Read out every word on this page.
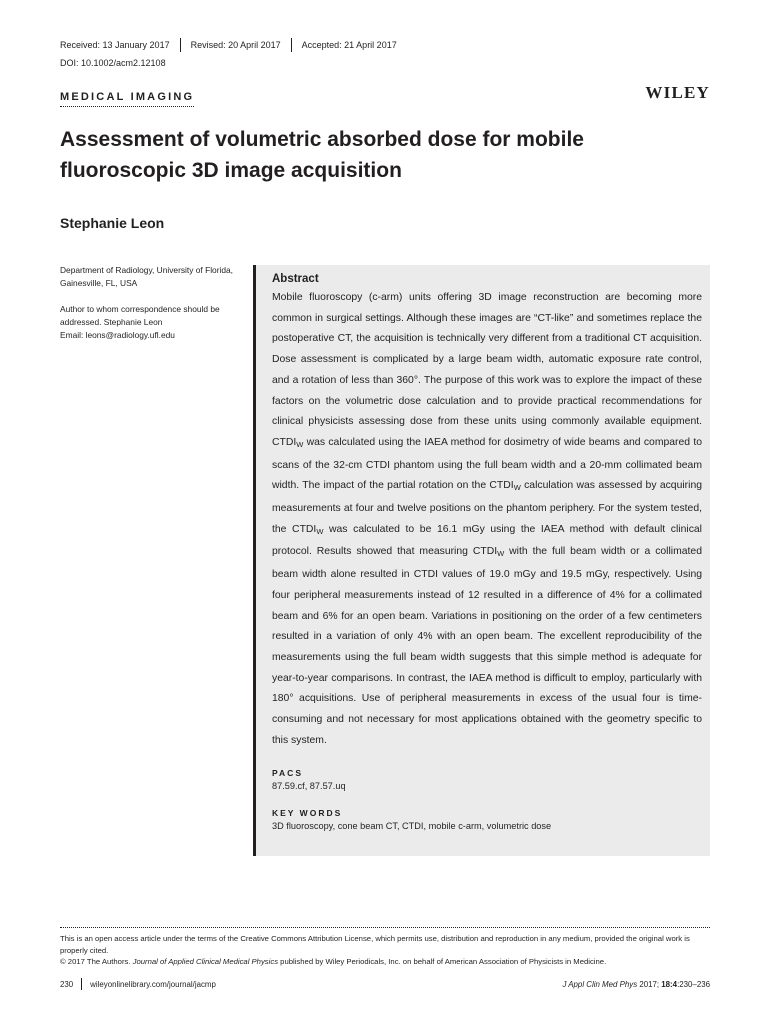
Received: 13 January 2017 Revised: 20 April 2017 Accepted: 21 April 2017
DOI: 10.1002/acm2.12108
MEDICAL IMAGING	WILEY
Assessment of volumetric absorbed dose for mobile fluoroscopic 3D image acquisition
Stephanie Leon

Department of Radiology, University of Florida, Gainesville, FL, USA

Author to whom correspondence should be addressed. Stephanie Leon
Email: leons@radiology.ufl.edu

Abstract

Mobile fluoroscopy (c-arm) units offering 3D image reconstruction are becoming more common in surgical settings. Although these images are “CT-like” and sometimes replace the postoperative CT, the acquisition is technically very different from a traditional CT acquisition. Dose assessment is complicated by a large beam width, automatic exposure rate control, and a rotation of less than 360°. The purpose of this work was to explore the impact of these factors on the volumetric dose calculation and to provide practical recommendations for clinical physicists assessing dose from these units using commonly available equipment. $CTDI_W$ was calculated using the IAEA method for dosimetry of wide beams and compared to scans of the 32-cm CTDI phantom using the full beam width and a 20-mm collimated beam width. The impact of the partial rotation on the $CTDI_W$ calculation was assessed by acquiring measurements at four and twelve positions on the phantom periphery. For the system tested, the $CTDI_W$ was calculated to be 16.1 mGy using the IAEA method with default clinical protocol. Results showed that measuring $CTDI_W$ with the full beam width or a collimated beam width alone resulted in CTDI values of 19.0 mGy and 19.5 mGy, respectively. Using four peripheral measurements instead of 12 resulted in a difference of 4% for a collimated beam and 6% for an open beam. Variations in positioning on the order of a few centimeters resulted in a variation of only 4% with an open beam. The excellent reproducibility of the measurements using the full beam width suggests that this simple method is adequate for year-to-year comparisons. In contrast, the IAEA method is difficult to employ, particularly with 180° acquisitions. Use of peripheral measurements in excess of the usual four is time-consuming and not necessary for most applications obtained with the geometry specific to this system.

PACS
87.59.cf, 87.57.uq
KEY WORDS
3D fluoroscopy, cone beam CT, CTDI, mobile c-arm, volumetric dose
This is an open access article under the terms of the Creative Commons Attribution License, which permits use, distribution and reproduction in any medium, provided the original work is properly cited.
© 2017 The Authors. Journal of Applied Clinical Medical Physics published by Wiley Periodicals, Inc. on behalf of American Association of Physicists in Medicine.
230 wileyonlinelibrary.com/journal/jacmp	J Appl Clin Med Phys 2017; 18:4:230–236
